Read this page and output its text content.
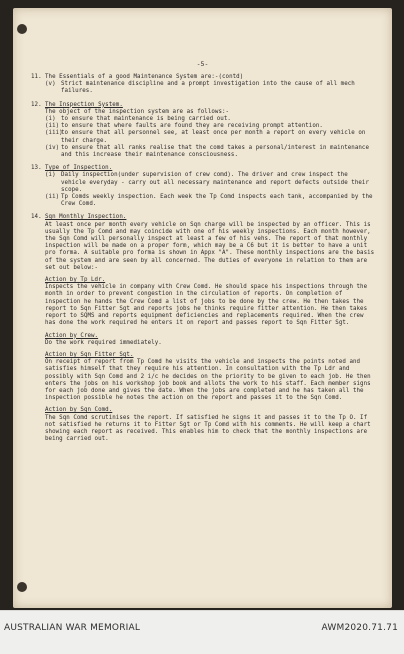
-5-
11. The Essentials of a good Maintenance System are:-(contd)
(v) Strict maintenance discipline and a prompt investigation into the cause of all mech failures.
12. The Inspection System.
The object of the inspection system are as follows:-
(i) to ensure that maintenance is being carried out.
(ii) to ensure that where faults are found they are receiving prompt attention.
(iii)
to ensure that all personnel see, at least once per month a report on every vehicle on their charge.
(iv) to ensure that all ranks realise that the comd takes a personal/interest in maintenance and this increase their maintenance consciousness.
13. Type of Inspection.
(i) Daily inspection(under supervision of crew comd). The driver and crew inspect the vehicle everyday - carry out all necessary maintenance and report defects outside their scope.
(ii) Tp Comds weekly inspection. Each week the Tp Comd inspects each tank, accompanied by the Crew Comd.
14. Sqn Monthly Inspection.
At least once per month every vehicle on Sqn charge will be inspected by an officer. This is usually the Tp Comd and may coincide with one of his weekly inspections. Each month however, the Sqn Comd will personally inspect at least a few of his vehs. The report of that monthly inspection will be made on a proper form, which may be a C6 but it is better to have a unit pro forma. A suitable pro forma is shown in Appx "A". These monthly inspections are the basis of the system and are seen by all concerned. The duties of everyone in relation to them are set out below:-
Action by Tp Ldr.
Inspects the vehicle in company with Crew Comd. He should space his inspections through the month in order to prevent congestion in the circulation of reports. On completion of inspection he hands the Crew Comd a list of jobs to be done by the crew. He then takes the report to Sqn Fitter Sgt and reports jobs he thinks require fitter attention. He then takes report to SQMS and reports equipment deficiencies and replacements required. When the crew has done the work required he enters it on report and passes report to Sqn Fitter Sgt.
Action by Crew.
Do the work required immediately.
Action by Sqn Fitter Sgt.
On receipt of report from Tp Comd he visits the vehicle and inspects the points noted and satisfies himself that they require his attention. In consultation with the Tp Ldr and possibly with Sqn Comd and 2 i/c he decides on the priority to be given to each job. He then enters the jobs on his workshop job book and allots the work to his staff. Each member signs for each job done and gives the date. When the jobs are completed and he has taken all the inspection possible he notes the action on the report and passes it to the Sqn Comd.
Action by Sqn Comd.
The Sqn Comd scrutinises the report. If satisfied he signs it and passes it to the Tp O. If not satisfied he returns it to Fitter Sgt or Tp Comd with his comments. He will keep a chart showing each report as received. This enables him to check that the monthly inspections are being carried out.
AUSTRALIAN WAR MEMORIAL	AWM2020.71.71
